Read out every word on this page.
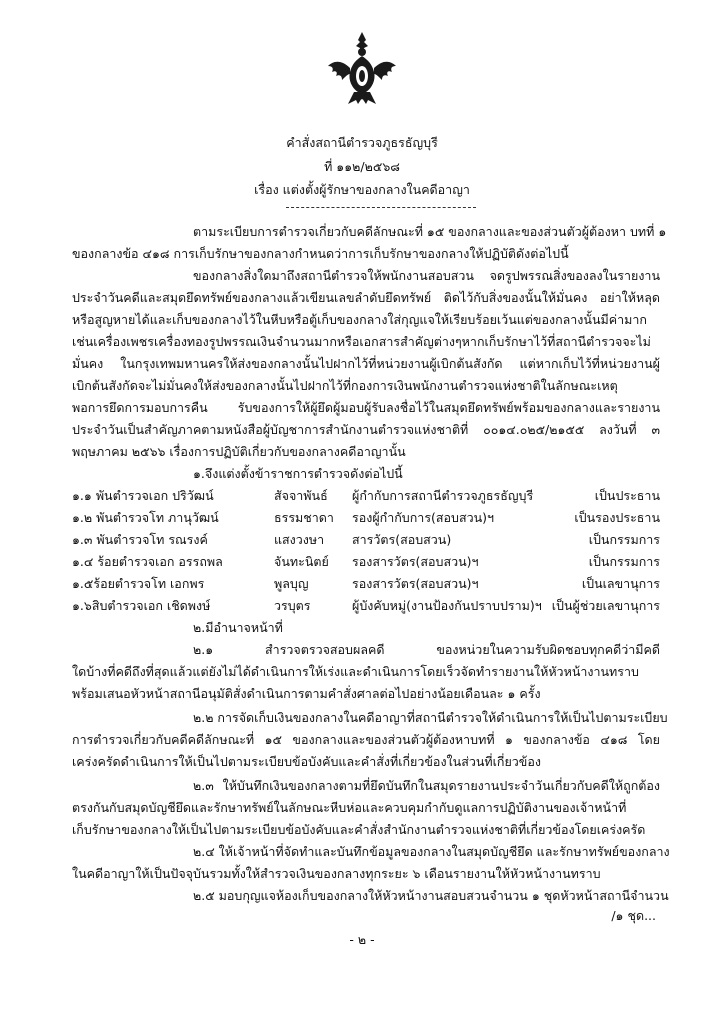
คำสั่งสถานีตำรวจภูธรธัญบุรี
ที่ ๑๑๒/๒๕๖๘
เรื่อง แต่งตั้งผู้รักษาของกลางในคดีอาญา
ตามระเบียบการตำรวจเกี่ยวกับคดีลักษณะที่ ๑๕ ของกลางและของส่วนตัวผู้ต้องหา บทที่ ๑
ของกลางข้อ ๔๑๘ การเก็บรักษาของกลางกำหนดว่าการเก็บรักษาของกลางให้ปฏิบัติดังต่อไปนี้
ของกลางสิ่งใดมาถึงสถานีตำรวจให้พนักงานสอบสวน จดรูปพรรณสิ่งของลงในรายงาน
ประจำวันคดีและสมุดยึดทรัพย์ของกลางแล้วเขียนเลขลำดับยึดทรัพย์ ติดไว้กับสิ่งของนั้นให้มั่นคง อย่าให้หลุด
หรือสูญหายได้และเก็บของกลางไว้ในหีบหรือตู้เก็บของกลางใส่กุญแจให้เรียบร้อยเว้นแต่ของกลางนั้นมีค่ามาก
เช่นเครื่องเพชรเครื่องทองรูปพรรณเงินจำนวนมากหรือเอกสารสำคัญต่างๆหากเก็บรักษาไว้ที่สถานีตำรวจจะไม่
มั่นคง ในกรุงเทพมหานครให้ส่งของกลางนั้นไปฝากไว้ที่หน่วยงานผู้เบิกต้นสังกัด แต่หากเก็บไว้ที่หน่วยงานผู้
เบิกต้นสังกัดจะไม่มั่นคงให้ส่งของกลางนั้นไปฝากไว้ที่กองการเงินพนักงานตำรวจแห่งชาติในลักษณะเหตุ
พอการยึดการมอบการคืน รับของการให้ผู้ยึดผู้มอบผู้รับลงชื่อไว้ในสมุดยึดทรัพย์พร้อมของกลางและรายงาน
ประจำวันเป็นสำคัญภาคตามหนังสือผู้บัญชาการสำนักงานตำรวจแห่งชาติที่ ๐๐๑๔.๐๒๕/๒๑๕๕ ลงวันที่ ๓
พฤษภาคม ๒๕๖๖ เรื่องการปฏิบัติเกี่ยวกับของกลางคดีอาญานั้น
๑.จึงแต่งตั้งข้าราชการตำรวจดังต่อไปนี้
๑.๑ พันตำรวจเอก ปริวัฒน์	สัจจาพันธ์ ผู้กำกับการสถานีตำรวจภูธรธัญบุรี	เป็นประธาน
๑.๒ พันตำรวจโท ภานุวัฒน์	ธรรมชาดา รองผู้กำกับการ(สอบสวน)ฯ	เป็นรองประธาน
๑.๓ พันตำรวจโท รณรงค์	แสงวงษา สารวัตร(สอบสวน)	เป็นกรรมการ
๑.๔ ร้อยตำรวจเอก อรรถพล	จันทะนิตย์ รองสารวัตร(สอบสวน)ฯ	เป็นกรรมการ
๑.๕ร้อยตำรวจโท เอกพร	พูลบุญ	รองสารวัตร(สอบสวน)ฯ	เป็นเลขานุการ
๑.๖สิบตำรวจเอก เชิดพงษ์	วรบุตร	ผู้บังคับหมู่(งานป้องกันปราบปราม)ฯ เป็นผู้ช่วยเลขานุการ
๒.มีอำนาจหน้าที่
๒.๑ สำรวจตรวจสอบผลคดี ของหน่วยในความรับผิดชอบทุกคดีว่ามีคดี
ใดบ้างที่คดีถึงที่สุดแล้วแต่ยังไม่ได้ดำเนินการให้เร่งและดำเนินการโดยเร็วจัดทำรายงานให้หัวหน้างานทราบ
พร้อมเสนอหัวหน้าสถานีอนุมัติสั่งดำเนินการตามคำสั่งศาลต่อไปอย่างน้อยเดือนละ ๑ ครั้ง
๒.๒ การจัดเก็บเงินของกลางในคดีอาญาที่สถานีตำรวจให้ดำเนินการให้เป็นไปตามระเบียบ
การตำรวจเกี่ยวกับคดีคดีลักษณะที่ ๑๕ ของกลางและของส่วนตัวผู้ต้องหาบทที่ ๑ ของกลางข้อ ๔๑๘ โดย
เคร่งครัดดำเนินการให้เป็นไปตามระเบียบข้อบังคับและคำสั่งที่เกี่ยวข้องในส่วนที่เกี่ยวข้อง
๒.๓ ให้บันทึกเงินของกลางตามที่ยึดบันทึกในสมุดรายงานประจำวันเกี่ยวกับคดีให้ถูกต้อง
ตรงกันกับสมุดบัญชียึดและรักษาทรัพย์ในลักษณะหีบห่อและควบคุมกำกับดูแลการปฏิบัติงานของเจ้าหน้าที่
เก็บรักษาของกลางให้เป็นไปตามระเบียบข้อบังคับและคำสั่งสำนักงานตำรวจแห่งชาติที่เกี่ยวข้องโดยเคร่งครัด
๒.๔ ให้เจ้าหน้าที่จัดทำและบันทึกข้อมูลของกลางในสมุดบัญชียึด และรักษาทรัพย์ของกลาง
ในคดีอาญาให้เป็นปัจจุบันรวมทั้งให้สำรวจเงินของกลางทุกระยะ ๖ เดือนรายงานให้หัวหน้างานทราบ
๒.๕ มอบกุญแจห้องเก็บของกลางให้หัวหน้างานสอบสวนจำนวน ๑ ชุดหัวหน้าสถานีจำนวน
/๑ ชุด...
- ๒ -
